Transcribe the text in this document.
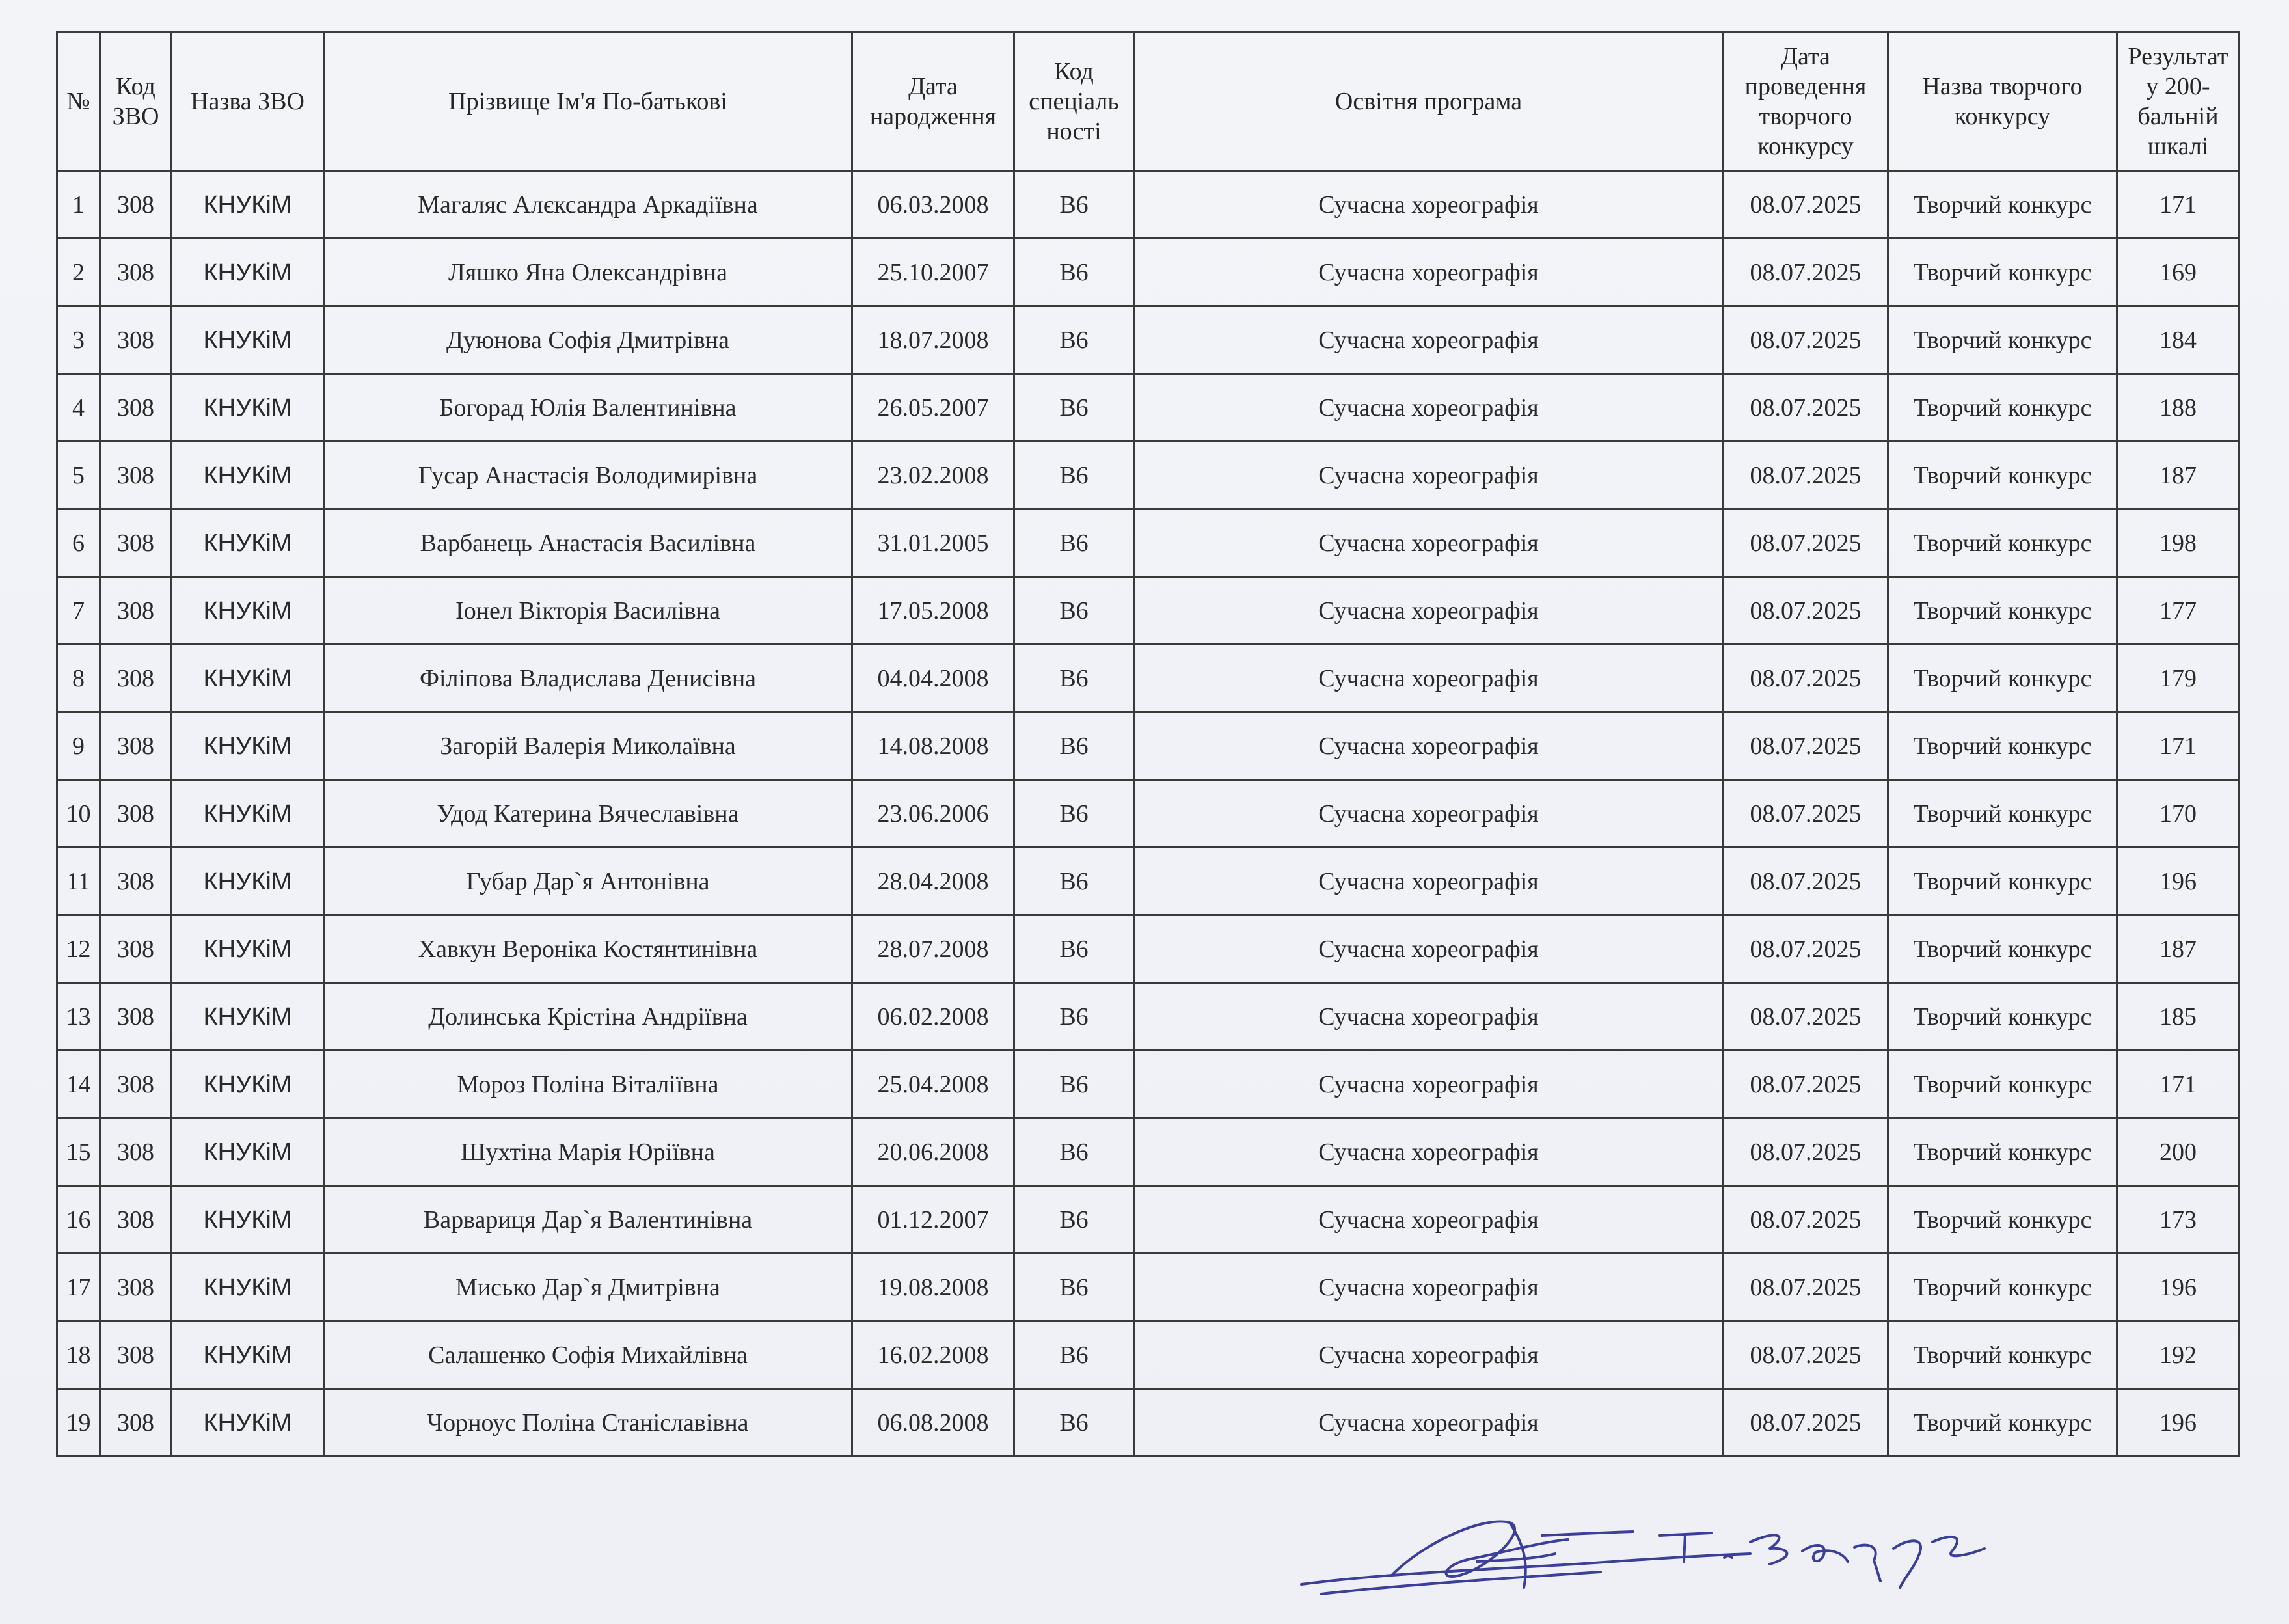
№	Код ЗВО	Назва ЗВО	Прізвище Ім'я По-батькові	Дата народження	Код спеціаль ності	Освітня програма	Дата проведення творчого конкурсу	Назва творчого конкурсу	Результат у 200-бальній шкалі
1	308	КНУКіМ	Магаляс Алєксандра Аркадіївна	06.03.2008	В6	Сучасна хореографія	08.07.2025	Творчий конкурс	171
2	308	КНУКіМ	Ляшко Яна Олександрівна	25.10.2007	В6	Сучасна хореографія	08.07.2025	Творчий конкурс	169
3	308	КНУКіМ	Дуюнова Софія Дмитрівна	18.07.2008	В6	Сучасна хореографія	08.07.2025	Творчий конкурс	184
4	308	КНУКіМ	Богорад Юлія Валентинівна	26.05.2007	В6	Сучасна хореографія	08.07.2025	Творчий конкурс	188
5	308	КНУКіМ	Гусар Анастасія Володимирівна	23.02.2008	В6	Сучасна хореографія	08.07.2025	Творчий конкурс	187
6	308	КНУКіМ	Варбанець Анастасія Василівна	31.01.2005	В6	Сучасна хореографія	08.07.2025	Творчий конкурс	198
7	308	КНУКіМ	Іонел Вікторія Василівна	17.05.2008	В6	Сучасна хореографія	08.07.2025	Творчий конкурс	177
8	308	КНУКіМ	Філіпова Владислава Денисівна	04.04.2008	В6	Сучасна хореографія	08.07.2025	Творчий конкурс	179
9	308	КНУКіМ	Загорій Валерія Миколаївна	14.08.2008	В6	Сучасна хореографія	08.07.2025	Творчий конкурс	171
10	308	КНУКіМ	Удод Катерина Вячеславівна	23.06.2006	В6	Сучасна хореографія	08.07.2025	Творчий конкурс	170
11	308	КНУКіМ	Губар Дар`я Антонівна	28.04.2008	В6	Сучасна хореографія	08.07.2025	Творчий конкурс	196
12	308	КНУКіМ	Хавкун Вероніка Костянтинівна	28.07.2008	В6	Сучасна хореографія	08.07.2025	Творчий конкурс	187
13	308	КНУКіМ	Долинська Крістіна Андріївна	06.02.2008	В6	Сучасна хореографія	08.07.2025	Творчий конкурс	185
14	308	КНУКіМ	Мороз Поліна Віталіївна	25.04.2008	В6	Сучасна хореографія	08.07.2025	Творчий конкурс	171
15	308	КНУКіМ	Шухтіна Марія Юріївна	20.06.2008	В6	Сучасна хореографія	08.07.2025	Творчий конкурс	200
16	308	КНУКіМ	Варвариця Дар`я Валентинівна	01.12.2007	В6	Сучасна хореографія	08.07.2025	Творчий конкурс	173
17	308	КНУКіМ	Мисько Дар`я Дмитрівна	19.08.2008	В6	Сучасна хореографія	08.07.2025	Творчий конкурс	196
18	308	КНУКіМ	Салашенко Софія Михайлівна	16.02.2008	В6	Сучасна хореографія	08.07.2025	Творчий конкурс	192
19	308	КНУКіМ	Чорноус Поліна Станіславівна	06.08.2008	В6	Сучасна хореографія	08.07.2025	Творчий конкурс	196
